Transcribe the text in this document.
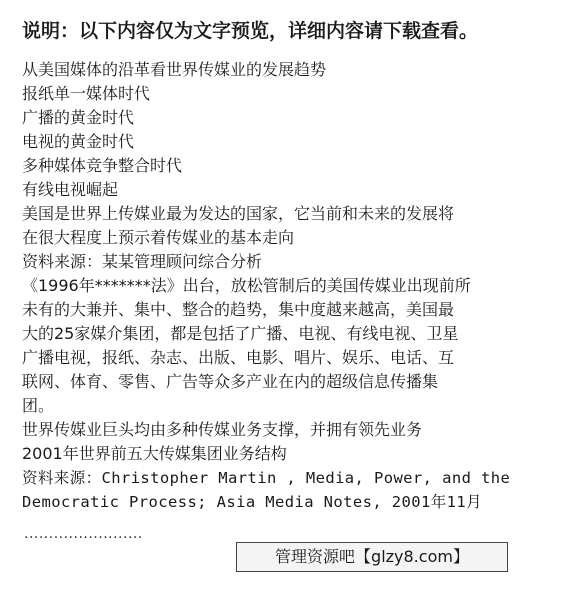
说明：以下内容仅为文字预览，详细内容请下载查看。
从美国媒体的沿革看世界传媒业的发展趋势
报纸单一媒体时代
广播的黄金时代
电视的黄金时代
多种媒体竞争整合时代
有线电视崛起
美国是世界上传媒业最为发达的国家，它当前和未来的发展将
在很大程度上预示着传媒业的基本走向
资料来源：某某管理顾问综合分析
《1996年*******法》出台，放松管制后的美国传媒业出现前所
未有的大兼并、集中、整合的趋势，集中度越来越高，美国最
大的25家媒介集团，都是包括了广播、电视、有线电视、卫星
广播电视，报纸、杂志、出版、电影、唱片、娱乐、电话、互
联网、体育、零售、广告等众多产业在内的超级信息传播集
团。
世界传媒业巨头均由多种传媒业务支撑，并拥有领先业务
2001年世界前五大传媒集团业务结构
资料来源：Christopher Martin , Media, Power, and the
Democratic Process; Asia Media Notes, 2001年11月
························
管理资源吧【glzy8.com】
